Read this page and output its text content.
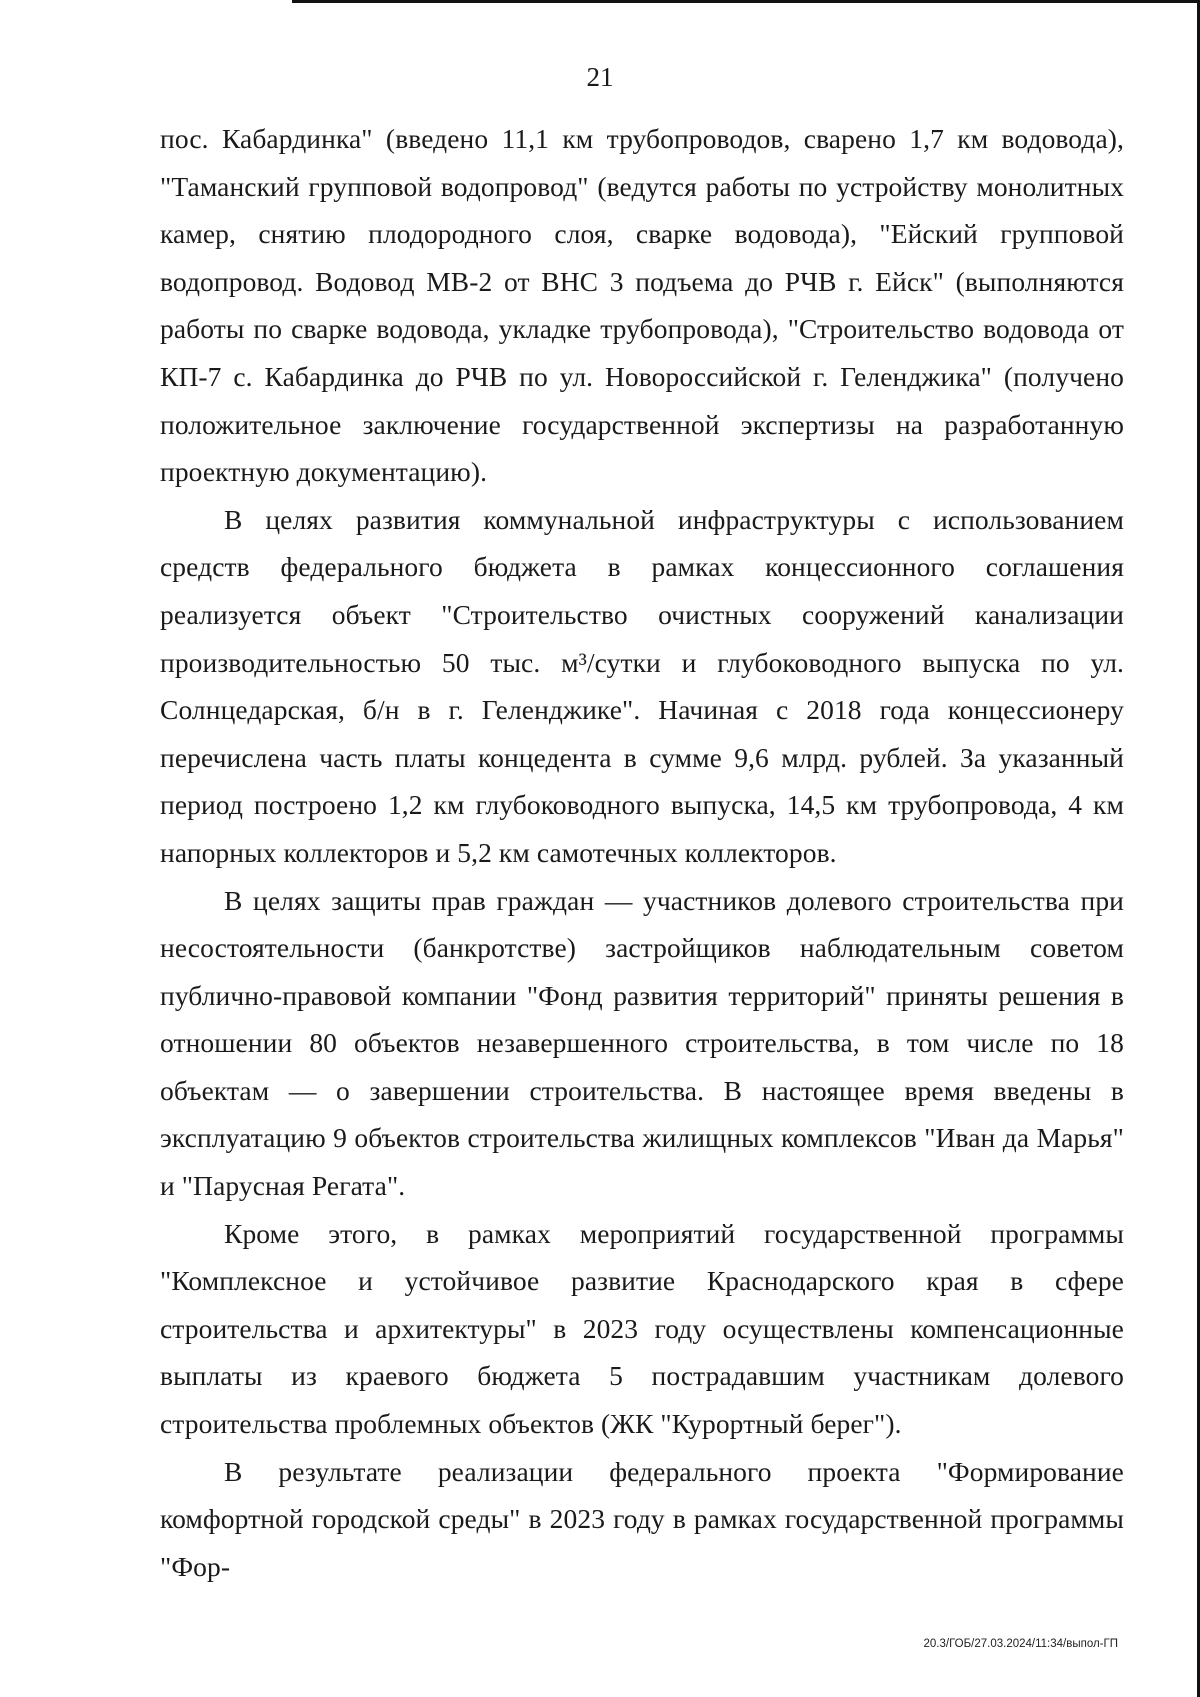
21

пос. Кабардинка" (введено 11,1 км трубопроводов, сварено 1,7 км водовода), "Таманский групповой водопровод" (ведутся работы по устройству монолитных камер, снятию плодородного слоя, сварке водовода), "Ейский групповой водопровод. Водовод МВ-2 от ВНС 3 подъема до РЧВ г. Ейск" (выполняются работы по сварке водовода, укладке трубопровода), "Строительство водовода от КП-7 с. Кабардинка до РЧВ по ул. Новороссийской г. Геленджика" (получено положительное заключение государственной экспертизы на разработанную проектную документацию).

В целях развития коммунальной инфраструктуры с использованием средств федерального бюджета в рамках концессионного соглашения реализуется объект "Строительство очистных сооружений канализации производительностью 50 тыс. м³/сутки и глубоководного выпуска по ул. Солнцедарская, б/н в г. Геленджике". Начиная с 2018 года концессионеру перечислена часть платы концедента в сумме 9,6 млрд. рублей. За указанный период построено 1,2 км глубоководного выпуска, 14,5 км трубопровода, 4 км напорных коллекторов и 5,2 км самотечных коллекторов.

В целях защиты прав граждан — участников долевого строительства при несостоятельности (банкротстве) застройщиков наблюдательным советом публично-правовой компании "Фонд развития территорий" приняты решения в отношении 80 объектов незавершенного строительства, в том числе по 18 объектам — о завершении строительства. В настоящее время введены в эксплуатацию 9 объектов строительства жилищных комплексов "Иван да Марья" и "Парусная Регата".

Кроме этого, в рамках мероприятий государственной программы "Комплексное и устойчивое развитие Краснодарского края в сфере строительства и архитектуры" в 2023 году осуществлены компенсационные выплаты из краевого бюджета 5 пострадавшим участникам долевого строительства проблемных объектов (ЖК "Курортный берег").

В результате реализации федерального проекта "Формирование комфортной городской среды" в 2023 году в рамках государственной программы "Фор-

20.3/ГОБ/27.03.2024/11:34/выпол-ГП
